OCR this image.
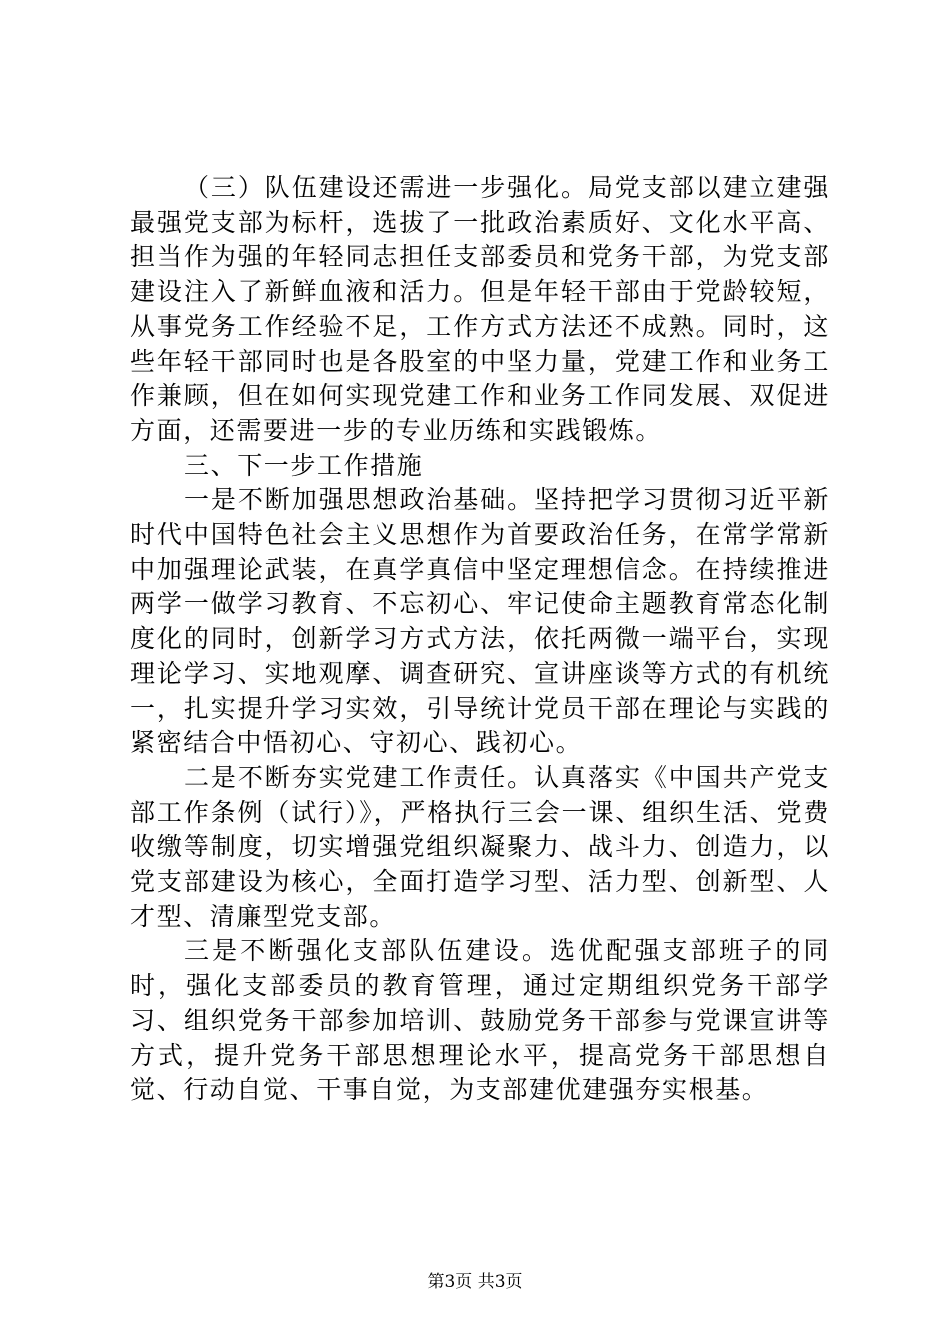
（三）队伍建设还需进一步强化。局党支部以建立建强最强党支部为标杆，选拔了一批政治素质好、文化水平高、担当作为强的年轻同志担任支部委员和党务干部，为党支部建设注入了新鲜血液和活力。但是年轻干部由于党龄较短，从事党务工作经验不足，工作方式方法还不成熟。同时，这些年轻干部同时也是各股室的中坚力量，党建工作和业务工作兼顾，但在如何实现党建工作和业务工作同发展、双促进方面，还需要进一步的专业历练和实践锻炼。

三、下一步工作措施

一是不断加强思想政治基础。坚持把学习贯彻习近平新时代中国特色社会主义思想作为首要政治任务，在常学常新中加强理论武装，在真学真信中坚定理想信念。在持续推进两学一做学习教育、不忘初心、牢记使命主题教育常态化制度化的同时，创新学习方式方法，依托两微一端平台，实现理论学习、实地观摩、调查研究、宣讲座谈等方式的有机统一，扎实提升学习实效，引导统计党员干部在理论与实践的紧密结合中悟初心、守初心、践初心。

二是不断夯实党建工作责任。认真落实《中国共产党支部工作条例（试行）》，严格执行三会一课、组织生活、党费收缴等制度，切实增强党组织凝聚力、战斗力、创造力，以党支部建设为核心，全面打造学习型、活力型、创新型、人才型、清廉型党支部。

三是不断强化支部队伍建设。选优配强支部班子的同时，强化支部委员的教育管理，通过定期组织党务干部学习、组织党务干部参加培训、鼓励党务干部参与党课宣讲等方式，提升党务干部思想理论水平，提高党务干部思想自觉、行动自觉、干事自觉，为支部建优建强夯实根基。

第3页 共3页
